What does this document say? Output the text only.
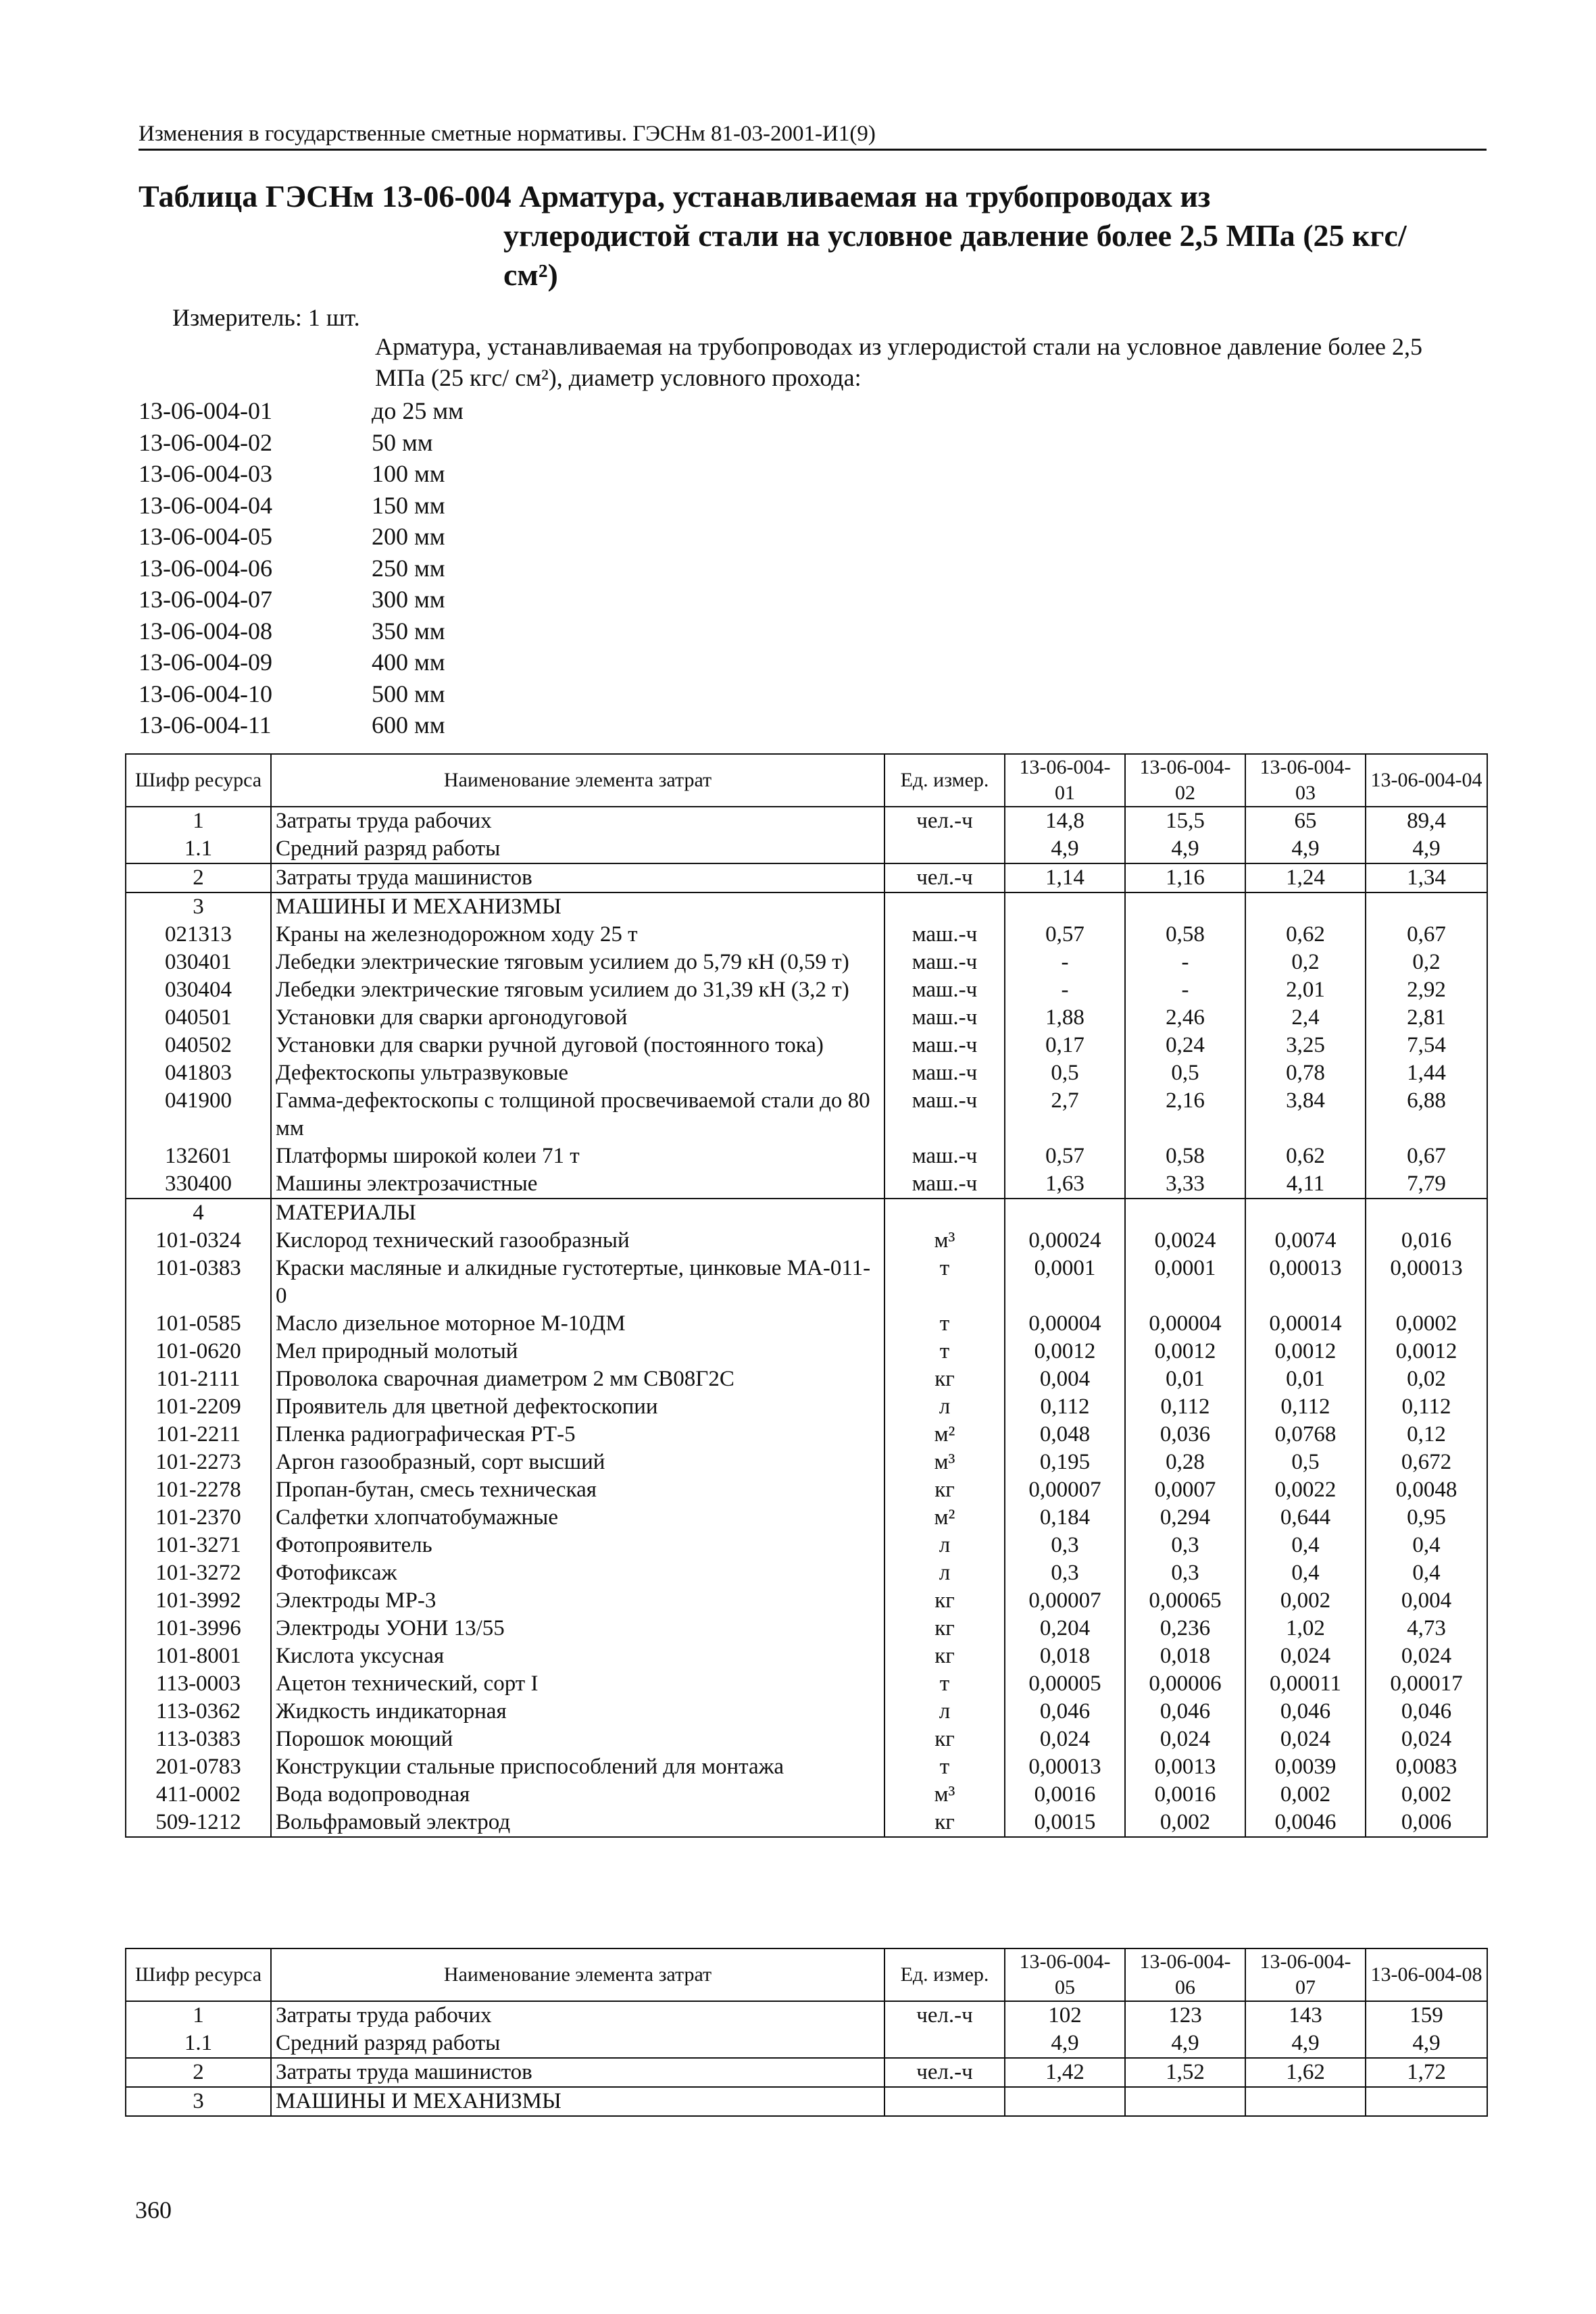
Изменения в государственные сметные нормативы. ГЭСНм 81-03-2001-И1(9)
Таблица ГЭСНм 13-06-004 Арматура, устанавливаемая на трубопроводах из
углеродистой стали на условное давление более 2,5 МПа (25 кгс/ см²)
Измеритель: 1 шт.
Арматура, устанавливаемая на трубопроводах из углеродистой стали на условное давление более 2,5 МПа (25 кгс/ см²), диаметр условного прохода:
13-06-004-01	до 25 мм
13-06-004-02	50 мм
13-06-004-03	100 мм
13-06-004-04	150 мм
13-06-004-05	200 мм
13-06-004-06	250 мм
13-06-004-07	300 мм
13-06-004-08	350 мм
13-06-004-09	400 мм
13-06-004-10	500 мм
13-06-004-11	600 мм
Шифр ресурса	Наименование элемента затрат	Ед. измер.	13-06-004-01	13-06-004-02	13-06-004-03	13-06-004-04
1	Затраты труда рабочих	чел.-ч	14,8	15,5	65	89,4
1.1	Средний разряд работы		4,9	4,9	4,9	4,9
2	Затраты труда машинистов	чел.-ч	1,14	1,16	1,24	1,34
3	МАШИНЫ И МЕХАНИЗМЫ					
021313	Краны на железнодорожном ходу 25 т	маш.-ч	0,57	0,58	0,62	0,67
030401	Лебедки электрические тяговым усилием до 5,79 кН (0,59 т)	маш.-ч	-	-	0,2	0,2
030404	Лебедки электрические тяговым усилием до 31,39 кН (3,2 т)	маш.-ч	-	-	2,01	2,92
040501	Установки для сварки аргонодуговой	маш.-ч	1,88	2,46	2,4	2,81
040502	Установки для сварки ручной дуговой (постоянного тока)	маш.-ч	0,17	0,24	3,25	7,54
041803	Дефектоскопы ультразвуковые	маш.-ч	0,5	0,5	0,78	1,44
041900	Гамма-дефектоскопы с толщиной просвечиваемой стали до 80 мм	маш.-ч	2,7	2,16	3,84	6,88
132601	Платформы широкой колеи 71 т	маш.-ч	0,57	0,58	0,62	0,67
330400	Машины электрозачистные	маш.-ч	1,63	3,33	4,11	7,79
4	МАТЕРИАЛЫ					
101-0324	Кислород технический газообразный	м³	0,00024	0,0024	0,0074	0,016
101-0383	Краски масляные и алкидные густотертые, цинковые МА-011-0	т	0,0001	0,0001	0,00013	0,00013
101-0585	Масло дизельное моторное М-10ДМ	т	0,00004	0,00004	0,00014	0,0002
101-0620	Мел природный молотый	т	0,0012	0,0012	0,0012	0,0012
101-2111	Проволока сварочная диаметром 2 мм СВ08Г2С	кг	0,004	0,01	0,01	0,02
101-2209	Проявитель для цветной дефектоскопии	л	0,112	0,112	0,112	0,112
101-2211	Пленка радиографическая РТ-5	м²	0,048	0,036	0,0768	0,12
101-2273	Аргон газообразный, сорт высший	м³	0,195	0,28	0,5	0,672
101-2278	Пропан-бутан, смесь техническая	кг	0,00007	0,0007	0,0022	0,0048
101-2370	Салфетки хлопчатобумажные	м²	0,184	0,294	0,644	0,95
101-3271	Фотопроявитель	л	0,3	0,3	0,4	0,4
101-3272	Фотофиксаж	л	0,3	0,3	0,4	0,4
101-3992	Электроды МР-3	кг	0,00007	0,00065	0,002	0,004
101-3996	Электроды УОНИ 13/55	кг	0,204	0,236	1,02	4,73
101-8001	Кислота уксусная	кг	0,018	0,018	0,024	0,024
113-0003	Ацетон технический, сорт I	т	0,00005	0,00006	0,00011	0,00017
113-0362	Жидкость индикаторная	л	0,046	0,046	0,046	0,046
113-0383	Порошок моющий	кг	0,024	0,024	0,024	0,024
201-0783	Конструкции стальные приспособлений для монтажа	т	0,00013	0,0013	0,0039	0,0083
411-0002	Вода водопроводная	м³	0,0016	0,0016	0,002	0,002
509-1212	Вольфрамовый электрод	кг	0,0015	0,002	0,0046	0,006
Шифр ресурса	Наименование элемента затрат	Ед. измер.	13-06-004-05	13-06-004-06	13-06-004-07	13-06-004-08
1	Затраты труда рабочих	чел.-ч	102	123	143	159
1.1	Средний разряд работы		4,9	4,9	4,9	4,9
2	Затраты труда машинистов	чел.-ч	1,42	1,52	1,62	1,72
3	МАШИНЫ И МЕХАНИЗМЫ					
360
